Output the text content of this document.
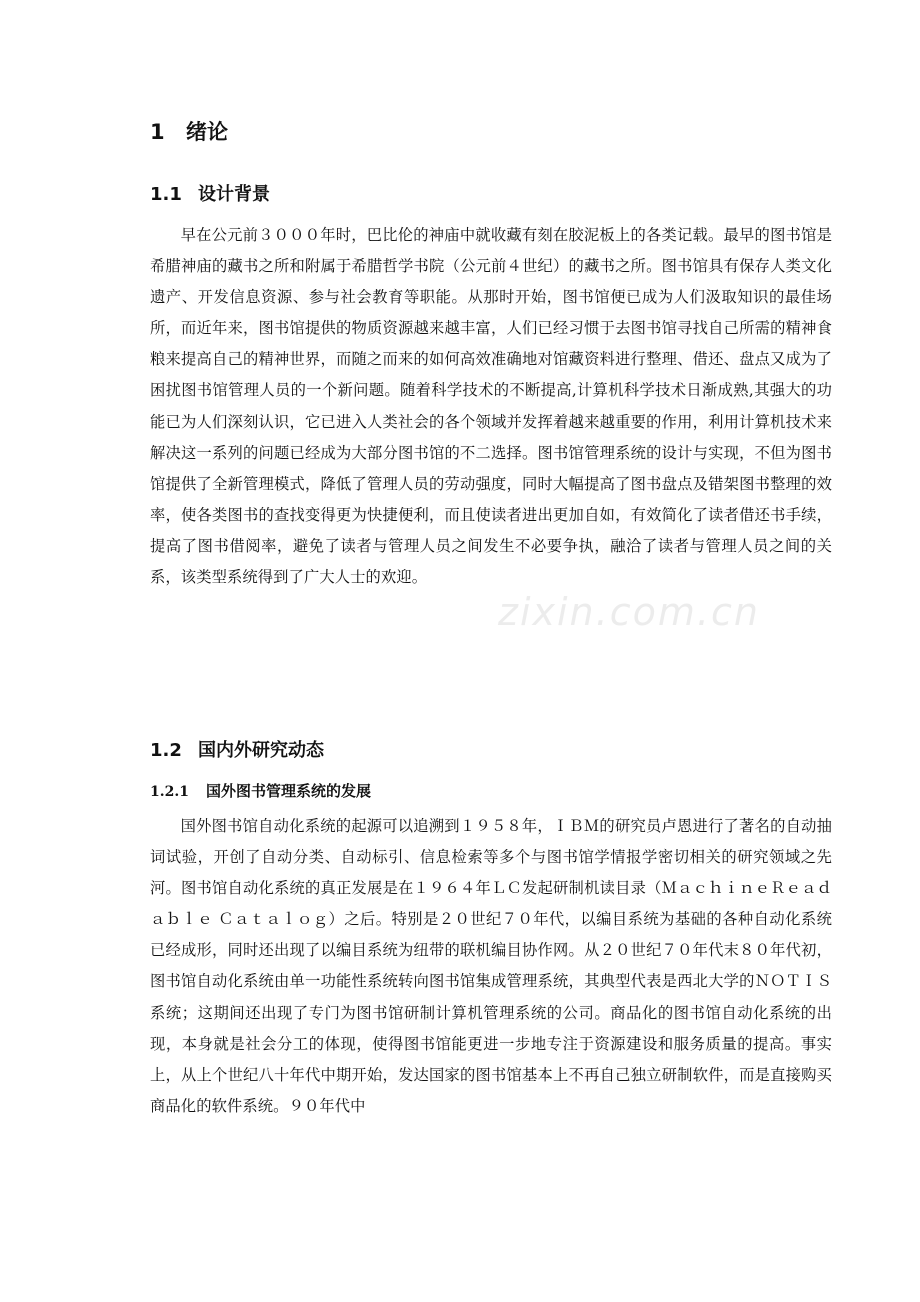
1 绪论
1.1 设计背景

早在公元前３０００年时，巴比伦的神庙中就收藏有刻在胶泥板上的各类记载。最早的图书馆是希腊神庙的藏书之所和附属于希腊哲学书院（公元前４世纪）的藏书之所。图书馆具有保存人类文化遗产、开发信息资源、参与社会教育等职能。从那时开始，图书馆便已成为人们汲取知识的最佳场所，而近年来，图书馆提供的物质资源越来越丰富，人们已经习惯于去图书馆寻找自己所需的精神食粮来提高自己的精神世界，而随之而来的如何高效准确地对馆藏资料进行整理、借还、盘点又成为了困扰图书馆管理人员的一个新问题。随着科学技术的不断提高,计算机科学技术日渐成熟,其强大的功能已为人们深刻认识，它已进入人类社会的各个领域并发挥着越来越重要的作用，利用计算机技术来解决这一系列的问题已经成为大部分图书馆的不二选择。图书馆管理系统的设计与实现，不但为图书馆提供了全新管理模式，降低了管理人员的劳动强度，同时大幅提高了图书盘点及错架图书整理的效率，使各类图书的查找变得更为快捷便利，而且使读者进出更加自如，有效简化了读者借还书手续，提高了图书借阅率，避免了读者与管理人员之间发生不必要争执，融洽了读者与管理人员之间的关系，该类型系统得到了广大人士的欢迎。

1.2 国内外研究动态
1.2.1 国外图书管理系统的发展

国外图书馆自动化系统的起源可以追溯到１９５８年，ＩＢＭ的研究员卢恩进行了著名的自动抽词试验，开创了自动分类、自动标引、信息检索等多个与图书馆学情报学密切相关的研究领域之先河。图书馆自动化系统的真正发展是在１９６４年ＬＣ发起研制机读目录（ＭａｃｈｉｎｅＲｅａｄａｂｌｅ Ｃａｔａｌｏｇ）之后。特别是２０世纪７０年代，以编目系统为基础的各种自动化系统已经成形，同时还出现了以编目系统为纽带的联机编目协作网。从２０世纪７０年代末８０年代初，图书馆自动化系统由单一功能性系统转向图书馆集成管理系统，其典型代表是西北大学的ＮＯＴＩＳ系统；这期间还出现了专门为图书馆研制计算机管理系统的公司。商品化的图书馆自动化系统的出现，本身就是社会分工的体现，使得图书馆能更进一步地专注于资源建设和服务质量的提高。事实上，从上个世纪八十年代中期开始，发达国家的图书馆基本上不再自己独立研制软件，而是直接购买商品化的软件系统。９０年代中

zixin.com.cn
